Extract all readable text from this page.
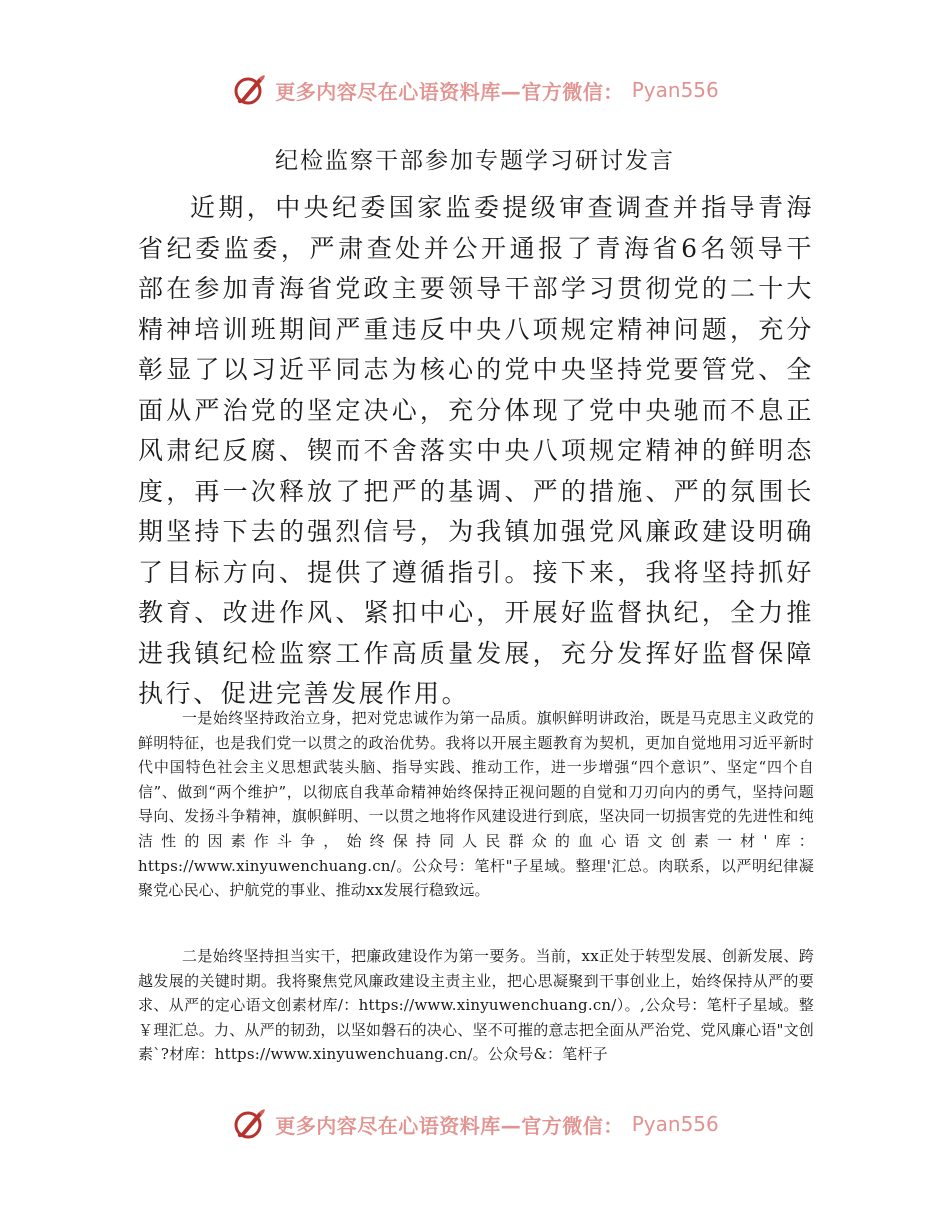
更多内容尽在心语资料库—官方微信： Pyan556
纪检监察干部参加专题学习研讨发言

近期，中央纪委国家监委提级审查调查并指导青海省纪委监委，严肃查处并公开通报了青海省6名领导干部在参加青海省党政主要领导干部学习贯彻党的二十大精神培训班期间严重违反中央八项规定精神问题，充分彰显了以习近平同志为核心的党中央坚持党要管党、全面从严治党的坚定决心，充分体现了党中央驰而不息正风肃纪反腐、锲而不舍落实中央八项规定精神的鲜明态度，再一次释放了把严的基调、严的措施、严的氛围长期坚持下去的强烈信号，为我镇加强党风廉政建设明确了目标方向、提供了遵循指引。接下来，我将坚持抓好教育、改进作风、紧扣中心，开展好监督执纪，全力推进我镇纪检监察工作高质量发展，充分发挥好监督保障执行、促进完善发展作用。

一是始终坚持政治立身，把对党忠诚作为第一品质。旗帜鲜明讲政治，既是马克思主义政党的鲜明特征，也是我们党一以贯之的政治优势。我将以开展主题教育为契机，更加自觉地用习近平新时代中国特色社会主义思想武装头脑、指导实践、推动工作，进一步增强“四个意识”、坚定“四个自信”、做到“两个维护”，以彻底自我革命精神始终保持正视问题的自觉和刀刃向内的勇气，坚持问题导向、发扬斗争精神，旗帜鲜明、一以贯之地将作风建设进行到底，坚决同一切损害党的先进性和纯洁性的因素作斗争，始终保持同人民群众的血心语文创素一材'库：https://www.xinyuwenchuang.cn/。公众号：笔杆"子星域。整理'汇总。肉联系，以严明纪律凝聚党心民心、护航党的事业、推动xx发展行稳致远。

二是始终坚持担当实干，把廉政建设作为第一要务。当前，xx正处于转型发展、创新发展、跨越发展的关键时期。我将聚焦党风廉政建设主责主业，把心思凝聚到干事创业上，始终保持从严的要求、从严的定心语文创素材库/：https://www.xinyuwenchuang.cn/）。,公众号：笔杆子星域。整￥理汇总。力、从严的韧劲，以坚如磐石的决心、坚不可摧的意志把全面从严治党、党风廉心语"文创素`?材库：https://www.xinyuwenchuang.cn/。公众号&：笔杆子

更多内容尽在心语资料库—官方微信： Pyan556
